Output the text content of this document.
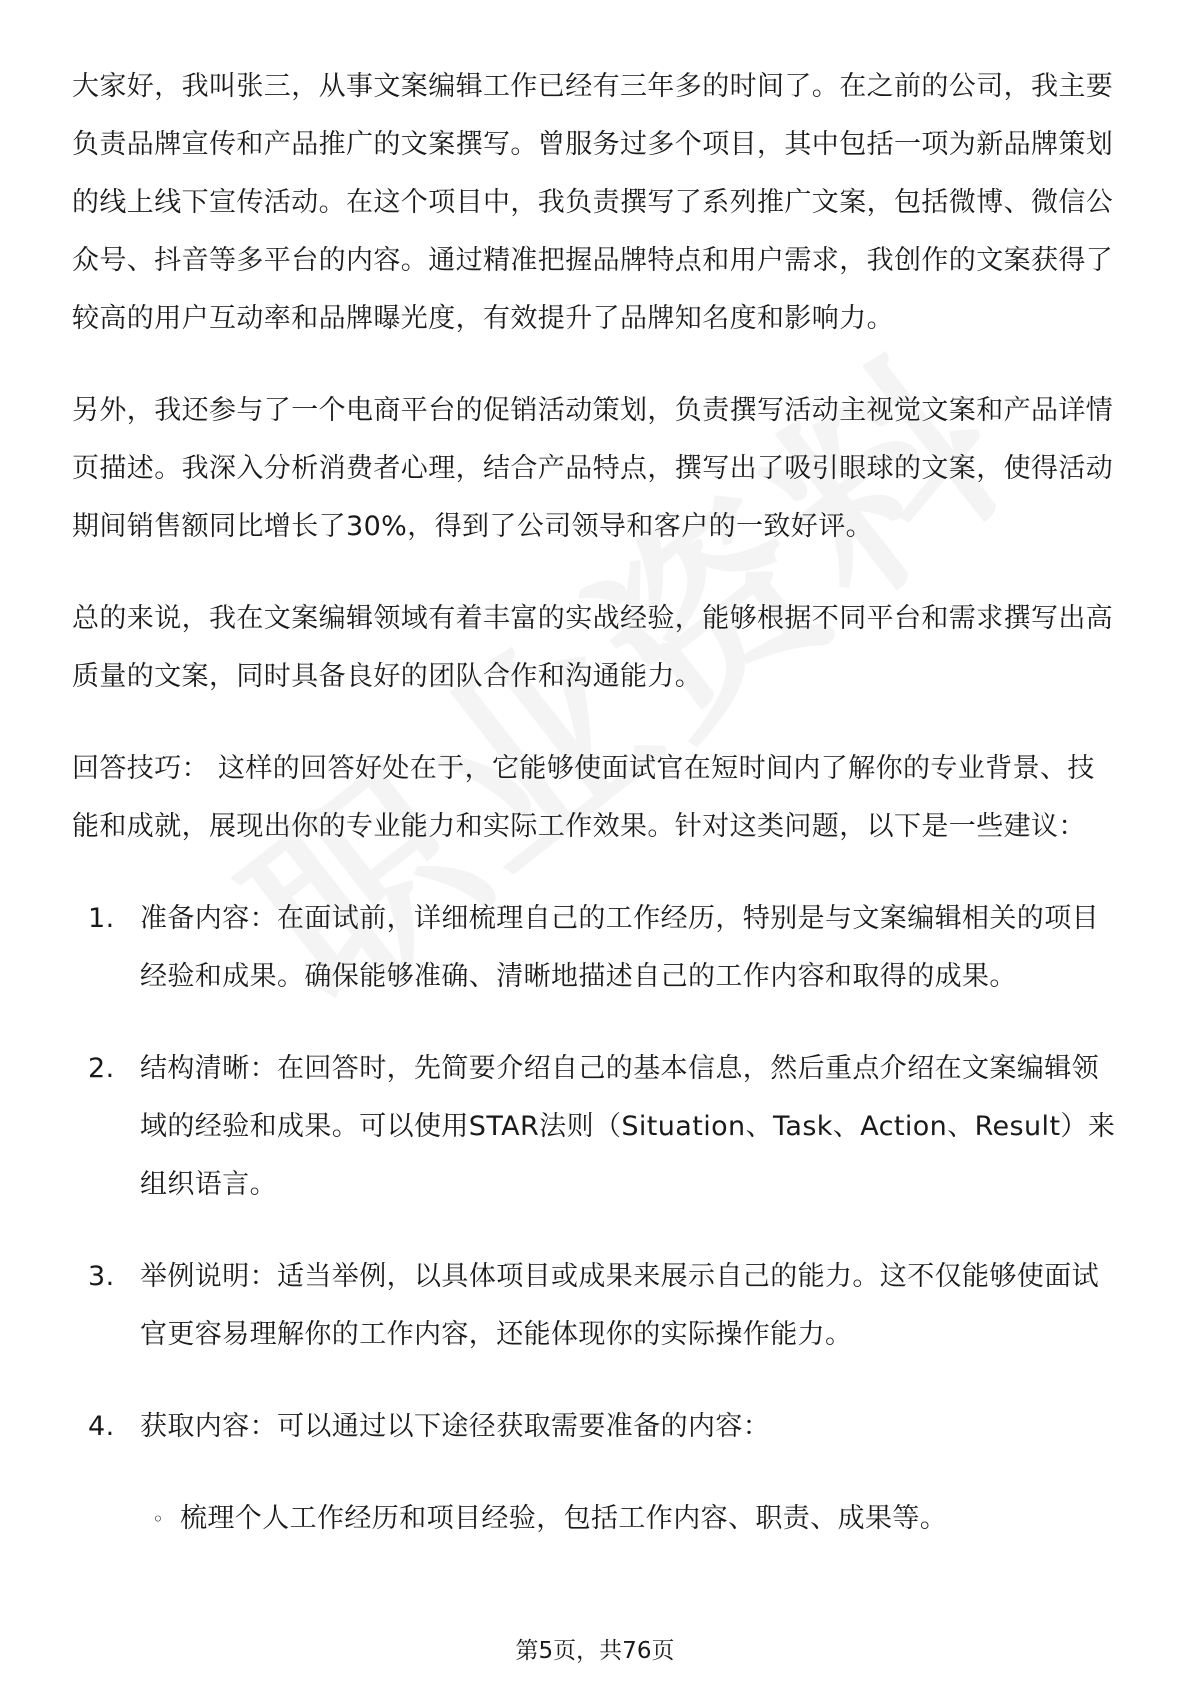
大家好，我叫张三，从事文案编辑工作已经有三年多的时间了。在之前的公司，我主要负责品牌宣传和产品推广的文案撰写。曾服务过多个项目，其中包括一项为新品牌策划的线上线下宣传活动。在这个项目中，我负责撰写了系列推广文案，包括微博、微信公众号、抖音等多平台的内容。通过精准把握品牌特点和用户需求，我创作的文案获得了较高的用户互动率和品牌曝光度，有效提升了品牌知名度和影响力。

另外，我还参与了一个电商平台的促销活动策划，负责撰写活动主视觉文案和产品详情页描述。我深入分析消费者心理，结合产品特点，撰写出了吸引眼球的文案，使得活动期间销售额同比增长了30%，得到了公司领导和客户的一致好评。

总的来说，我在文案编辑领域有着丰富的实战经验，能够根据不同平台和需求撰写出高质量的文案，同时具备良好的团队合作和沟通能力。

回答技巧： 这样的回答好处在于，它能够使面试官在短时间内了解你的专业背景、技能和成就，展现出你的专业能力和实际工作效果。针对这类问题，以下是一些建议：

1. 准备内容：在面试前，详细梳理自己的工作经历，特别是与文案编辑相关的项目经验和成果。确保能够准确、清晰地描述自己的工作内容和取得的成果。
2. 结构清晰：在回答时，先简要介绍自己的基本信息，然后重点介绍在文案编辑领域的经验和成果。可以使用STAR法则（Situation、Task、Action、Result）来组织语言。
3. 举例说明：适当举例，以具体项目或成果来展示自己的能力。这不仅能够使面试官更容易理解你的工作内容，还能体现你的实际操作能力。
4. 获取内容：可以通过以下途径获取需要准备的内容：
◦ 梳理个人工作经历和项目经验，包括工作内容、职责、成果等。
第5页，共76页
